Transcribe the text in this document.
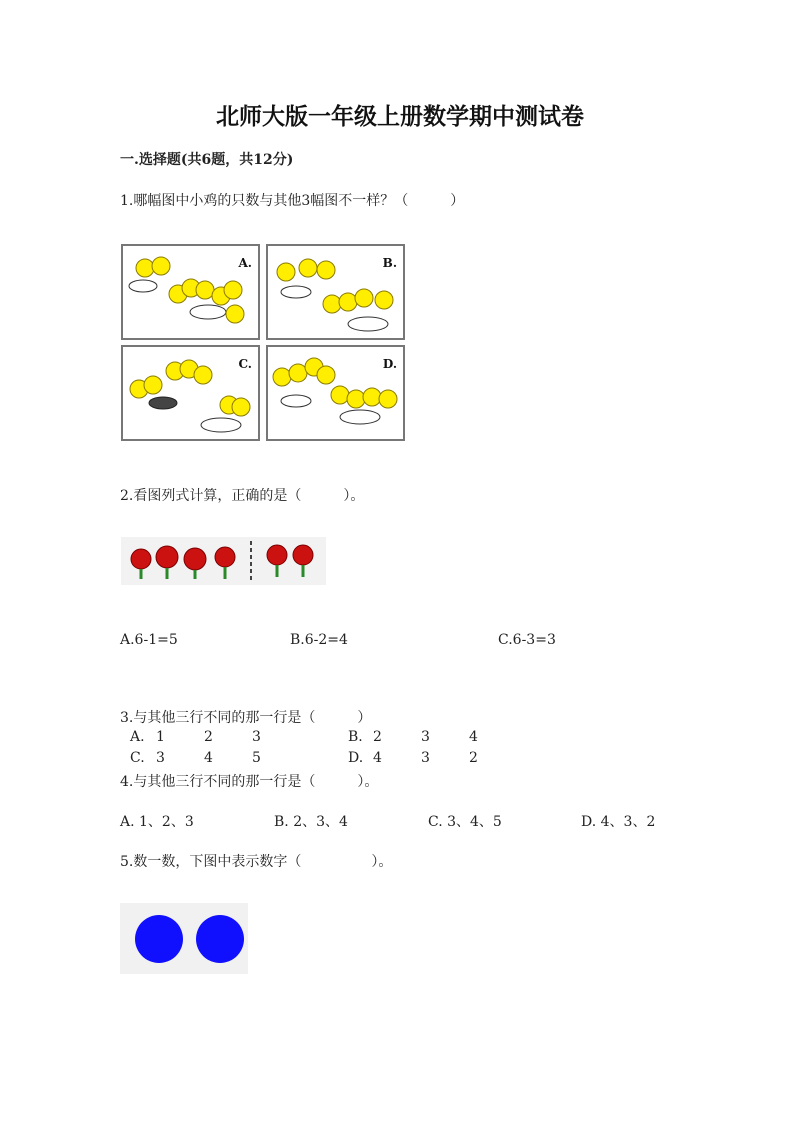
北师大版一年级上册数学期中测试卷
一.选择题(共6题，共12分)
1.哪幅图中小鸡的只数与其他3幅图不一样？（　　　）
A.	B.
C.	D.
2.看图列式计算，正确的是（　　　）。
A.6-1=5	B.6-2=4	C.6-3=3
3.与其他三行不同的那一行是（　　　）
A. 1	2	3	B. 2	3	4
C. 3	4	5	D. 4	3	2
4.与其他三行不同的那一行是（　　　）。
A. 1、2、3	B. 2、3、4	C. 3、4、5	D. 4、3、2
5.数一数，下图中表示数字（　　　　　）。
